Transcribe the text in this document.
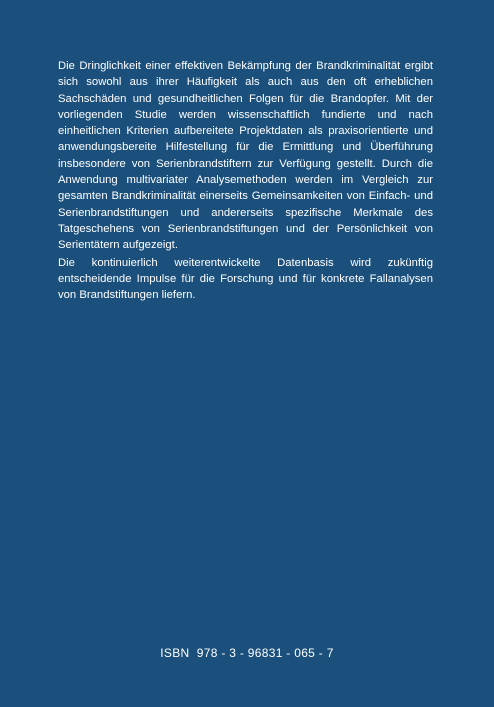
Die Dringlichkeit einer effektiven Bekämpfung der Brandkriminalität ergibt sich sowohl aus ihrer Häufigkeit als auch aus den oft erheblichen Sachschäden und gesundheitlichen Folgen für die Brandopfer. Mit der vorliegenden Studie werden wissenschaftlich fundierte und nach einheitlichen Kriterien aufbereitete Projektdaten als praxisorientierte und anwendungsbereite Hilfestellung für die Ermittlung und Überführung insbesondere von Serienbrandstiftern zur Verfügung gestellt. Durch die Anwendung multivariater Analysemethoden werden im Vergleich zur gesamten Brandkriminalität einerseits Gemeinsamkeiten von Einfach- und Serienbrandstiftungen und andererseits spezifische Merkmale des Tatgeschehens von Serienbrandstiftungen und der Persönlichkeit von Serientätern aufgezeigt.

Die kontinuierlich weiterentwickelte Datenbasis wird zukünftig entscheidende Impulse für die Forschung und für konkrete Fallanalysen von Brandstiftungen liefern.

ISBN  978 - 3 - 96831 - 065 - 7
